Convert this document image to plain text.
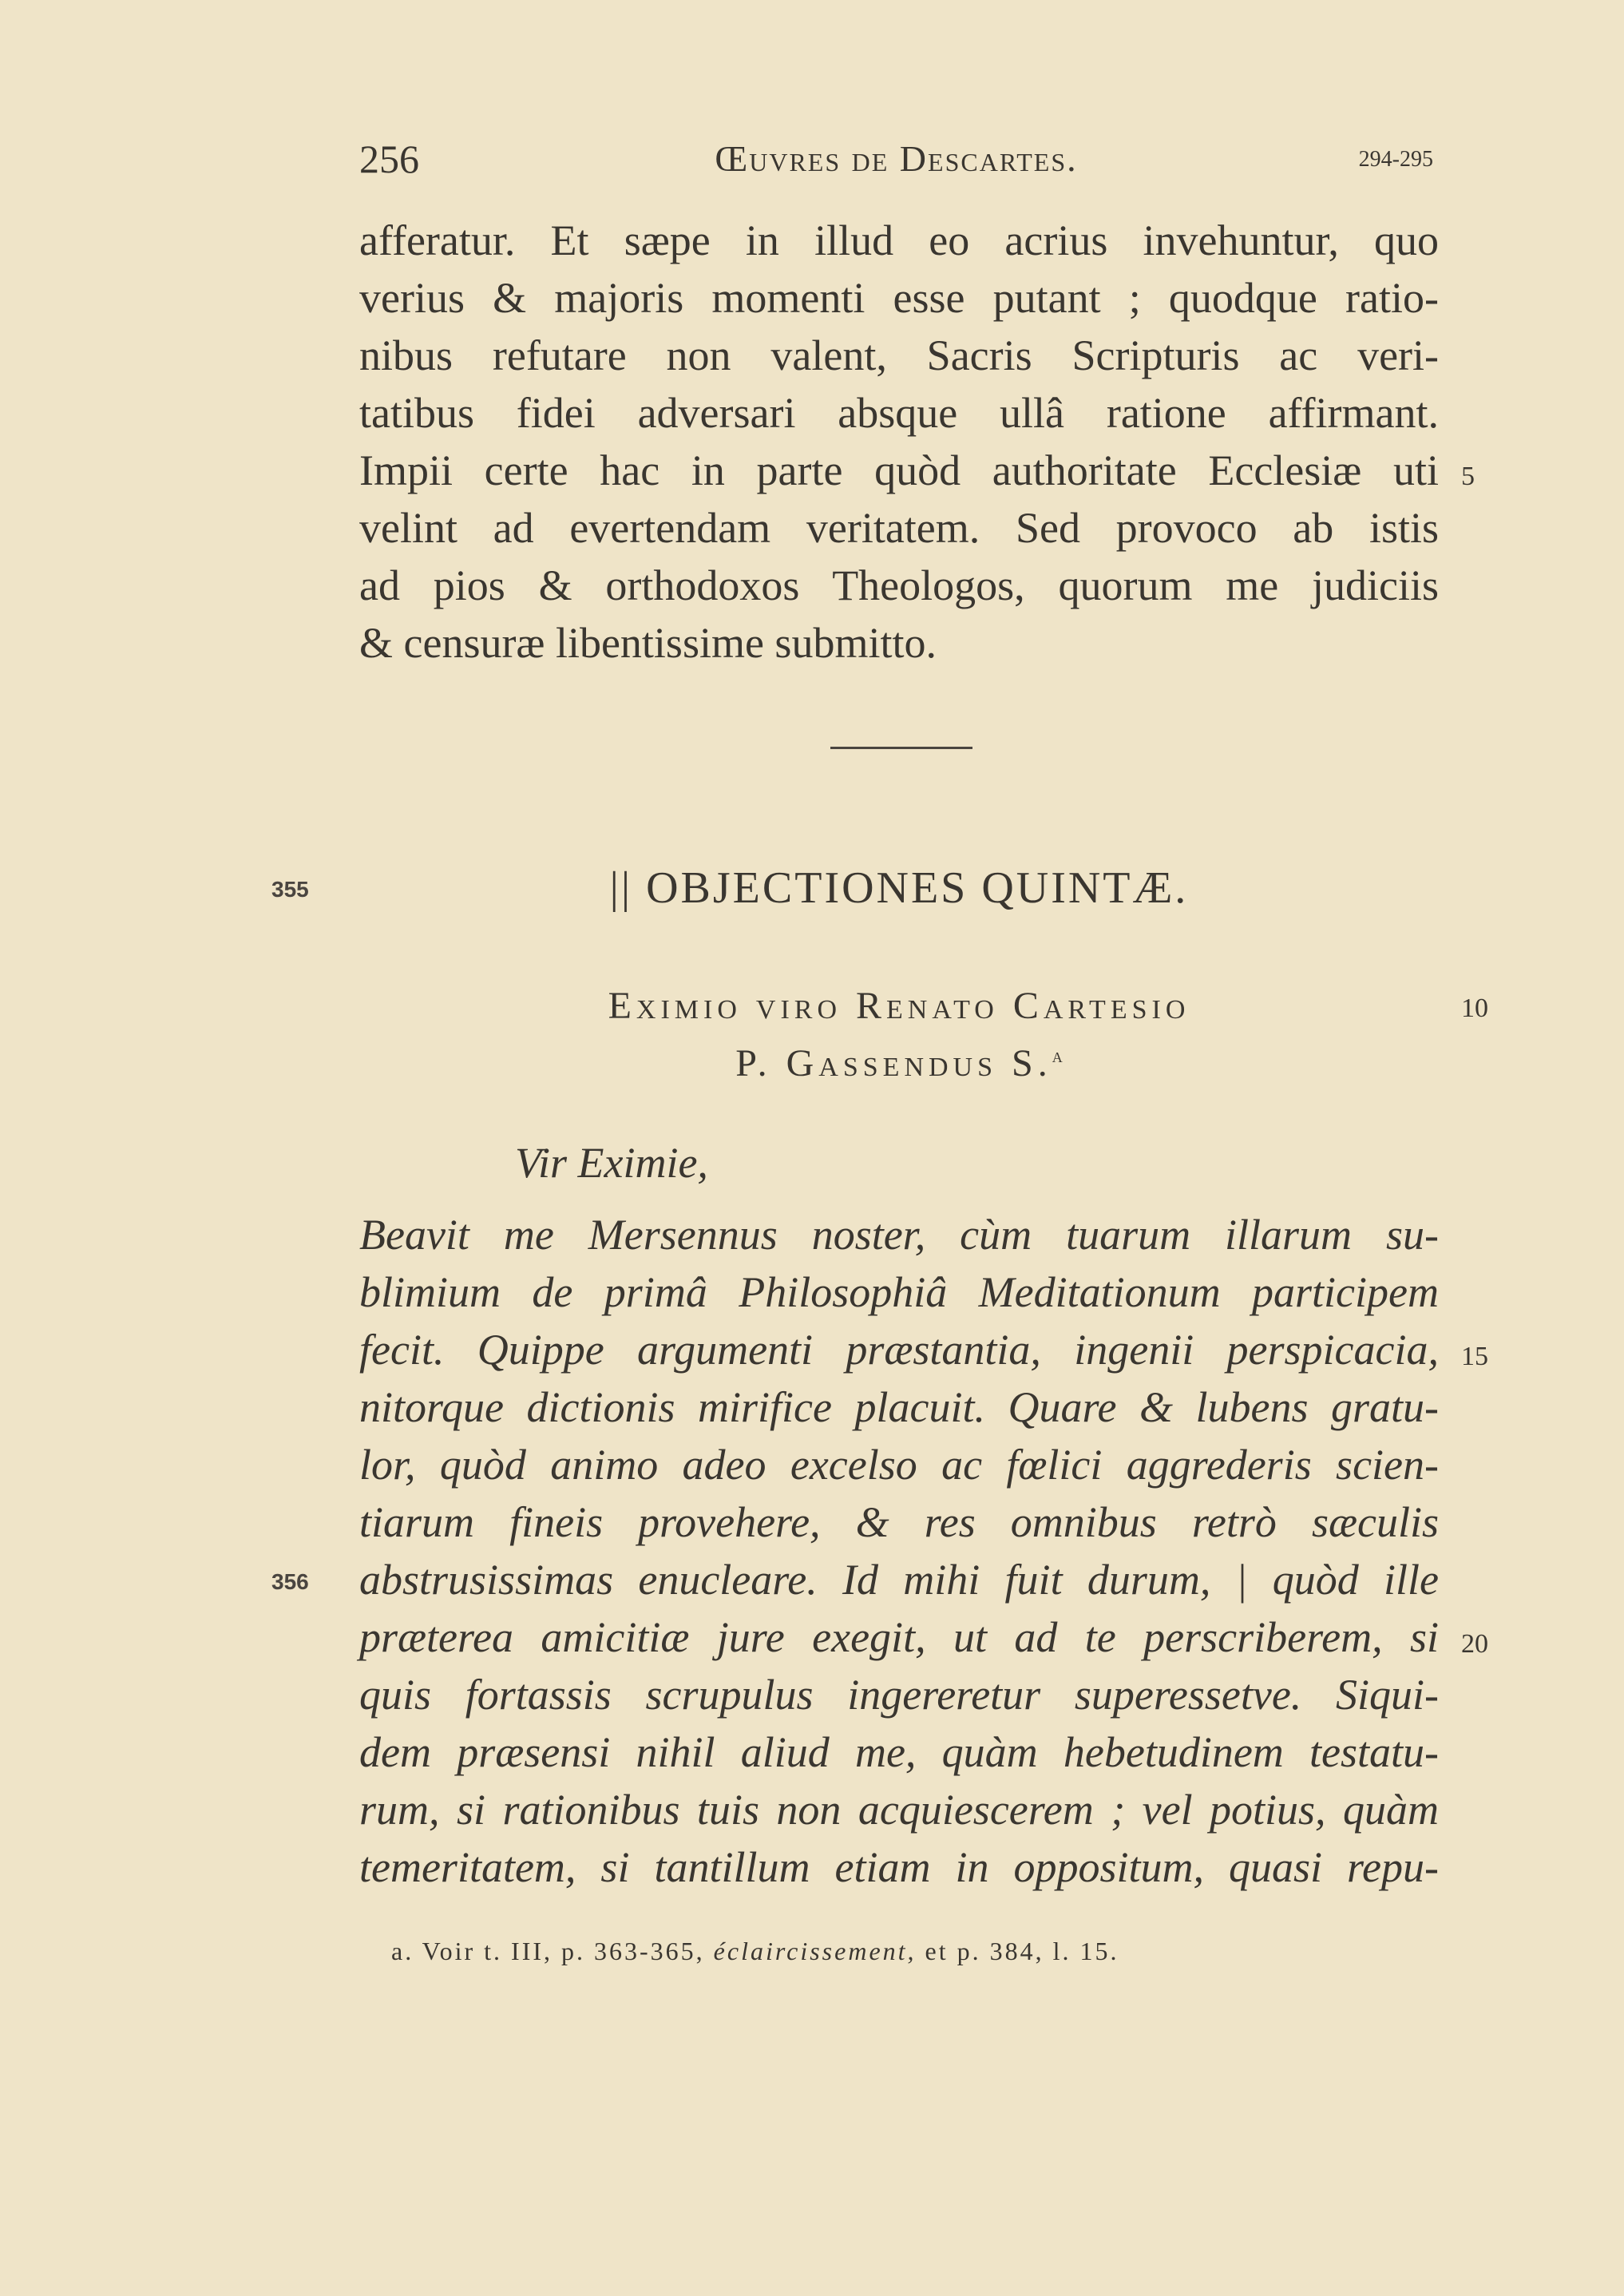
256	Œuvres de Descartes.	294-295
afferatur. Et sæpe in illud eo acrius invehuntur, quo
verius & majoris momenti esse putant ; quodque ratio-
nibus refutare non valent, Sacris Scripturis ac veri-
tatibus fidei adversari absque ullâ ratione affirmant.
Impii certe hac in parte quòd authoritate Ecclesiæ uti
velint ad evertendam veritatem. Sed provoco ab istis
ad pios & orthodoxos Theologos, quorum me judiciis
& censuræ libentissime submitto.
5
355	|| OBJECTIONES QUINTÆ.
Eximio viro Renato Cartesio	10
P. Gassendus S.$^a$
Vir Eximie,
Beavit me Mersennus noster, cùm tuarum illarum su-
blimium de primâ Philosophiâ Meditationum participem
fecit. Quippe argumenti præstantia, ingenii perspicacia,
nitorque dictionis mirifice placuit. Quare & lubens gratu-
lor, quòd animo adeo excelso ac fœlici aggrederis scien-
tiarum fineis provehere, & res omnibus retrò sæculis
abstrusissimas enucleare. Id mihi fuit durum, | quòd ille
præterea amicitiæ jure exegit, ut ad te perscriberem, si
quis fortassis scrupulus ingereretur superessetve. Siqui-
dem præsensi nihil aliud me, quàm hebetudinem testatu-
rum, si rationibus tuis non acquiescerem ; vel potius, quàm
temeritatem, si tantillum etiam in oppositum, quasi repu-
15
356
20
a. Voir t. III, p. 363-365, éclaircissement, et p. 384, l. 15.
